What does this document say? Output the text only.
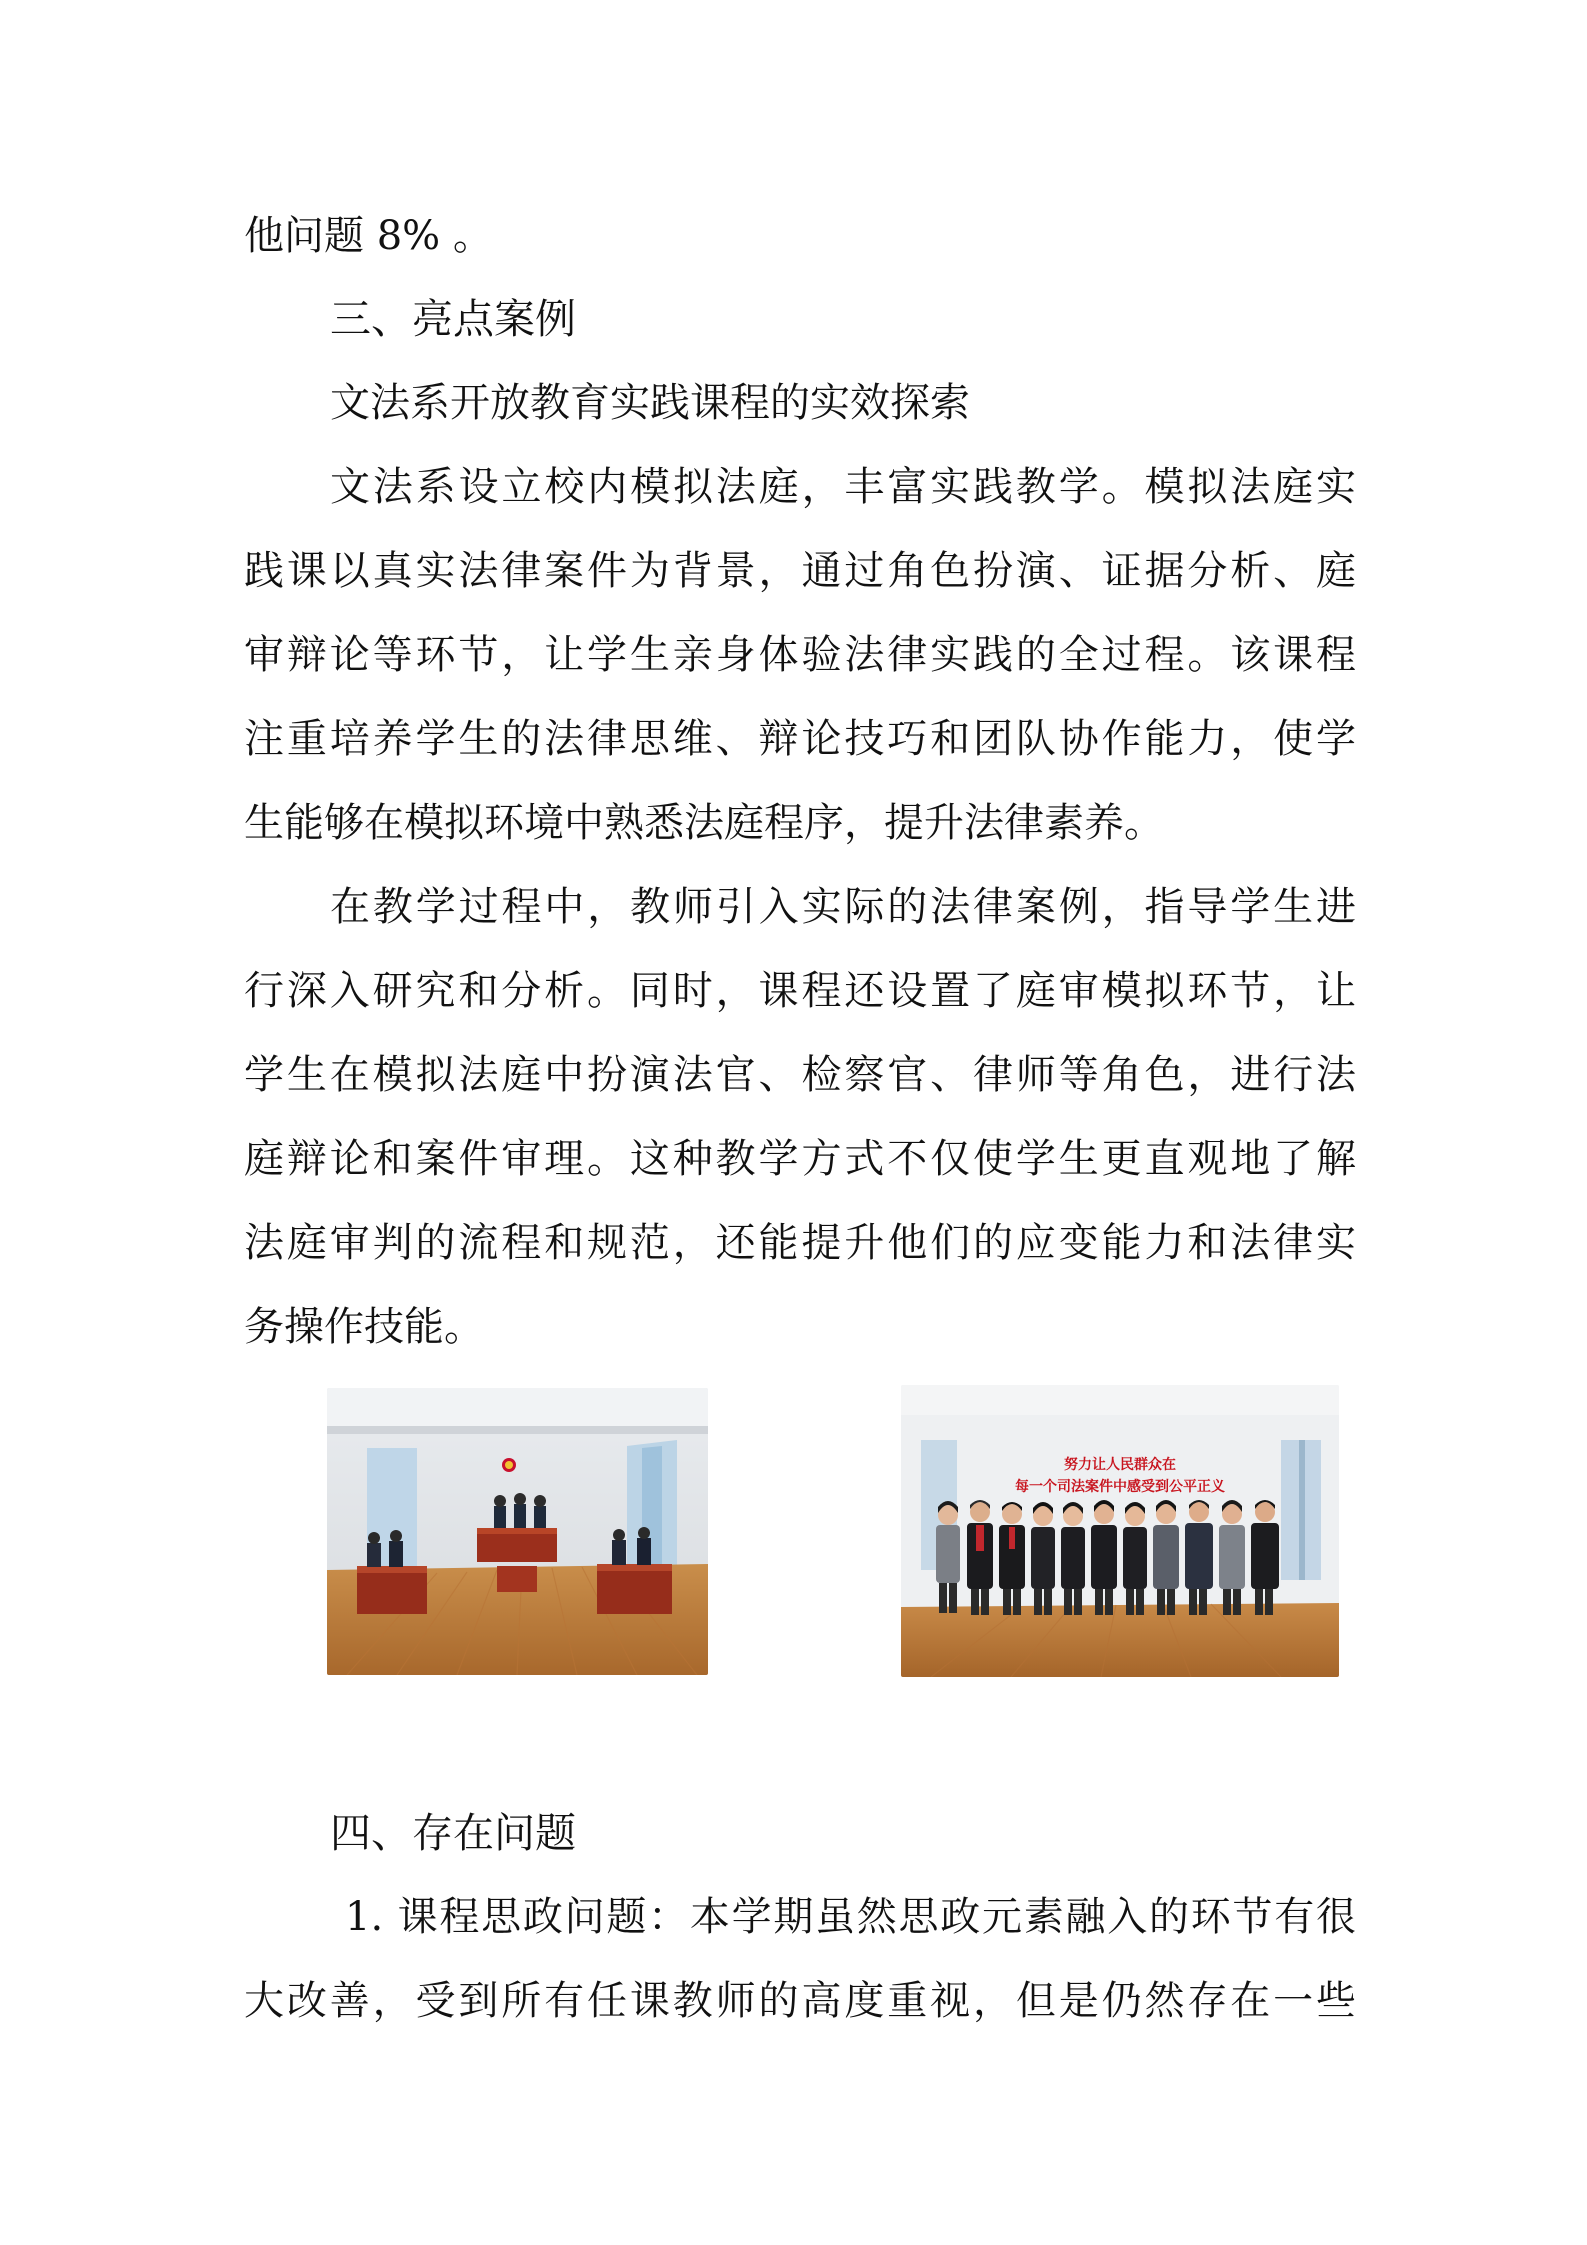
他问题 8% 。
三、亮点案例
文法系开放教育实践课程的实效探索
文法系设立校内模拟法庭，丰富实践教学。模拟法庭实
践课以真实法律案件为背景，通过角色扮演、证据分析、庭
审辩论等环节，让学生亲身体验法律实践的全过程。该课程
注重培养学生的法律思维、辩论技巧和团队协作能力，使学
生能够在模拟环境中熟悉法庭程序，提升法律素养。
在教学过程中，教师引入实际的法律案例，指导学生进
行深入研究和分析。同时，课程还设置了庭审模拟环节，让
学生在模拟法庭中扮演法官、检察官、律师等角色，进行法
庭辩论和案件审理。这种教学方式不仅使学生更直观地了解
法庭审判的流程和规范，还能提升他们的应变能力和法律实
务操作技能。
努力让人民群众在
每一个司法案件中感受到公平正义
四、存在问题
1. 课程思政问题：本学期虽然思政元素融入的环节有很
大改善，受到所有任课教师的高度重视，但是仍然存在一些
